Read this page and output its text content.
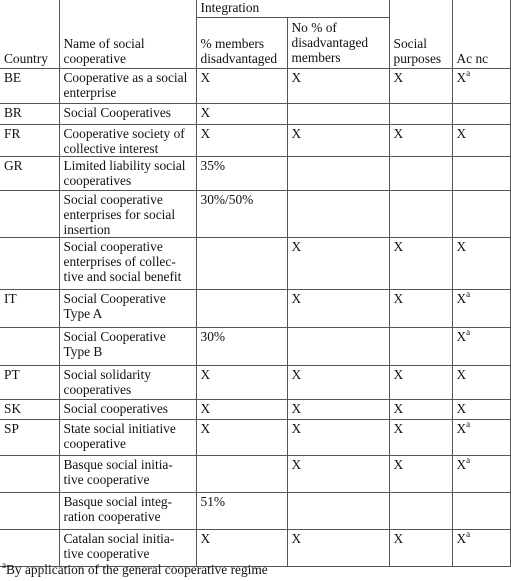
Country	Name of social cooperative	Integration		Social purposes	Ac nc
		% members disadvantaged	No % of disadvantaged members		
BE	Cooperative as a social enterprise	X	X	X	$X^a$
BR	Social Cooperatives	X			
FR	Cooperative society of collective interest	X	X	X	X
GR	Limited liability social cooperatives	35%			
	Social cooperative enterprises for social insertion	30%/50%			
	Social cooperative enterprises of collec-tive and social benefit		X	X	X
IT	Social Cooperative Type A		X	X	$X^a$
	Social Cooperative Type B	30%			$X^a$
PT	Social solidarity cooperatives	X	X	X	X
SK	Social cooperatives	X	X	X	X
SP	State social initiative cooperative	X	X	X	$X^a$
	Basque social initia-tive cooperative		X	X	$X^a$
	Basque social integ-ration cooperative	51%			
	Catalan social initia-tive cooperative	X	X	X	$X^a$
$^a$By application of the general cooperative regime
